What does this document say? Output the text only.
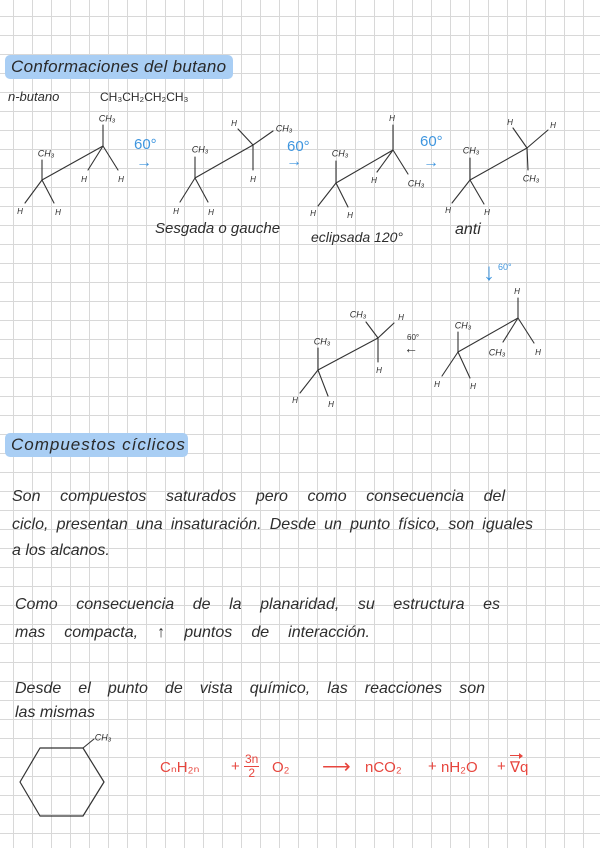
CH₃
CH₃
H	H
CH₃
H	H
CH₃
H	H
H	CH₃
H
CH₃
H	H
H
H	CH₃
CH₃
H	H
H	H
CH₃
CH₃
H	H
H
CH₃	H
CH₃
H	H
CH₃	H
H
Conformaciones del butano
n-butano	CH₃CH₂CH₂CH₃
60°
→
60°
→
60°
→
↓ 60°
60°
←
Sesgada o gauche eclipsada 120°	anti
Compuestos cíclicos
Son compuestos saturados pero como consecuencia del
ciclo, presentan una insaturación. Desde un punto físico, son iguales
a los alcanos.
Como consecuencia de la planaridad, su estructura es
mas compacta, ↑ puntos de interacción.
Desde el punto de vista químico, las reacciones son
las mismas
$C_nH_{2n} + \frac{3n}{2} O_2$ ⟶ nCO₂ + nH₂O + ∇q
